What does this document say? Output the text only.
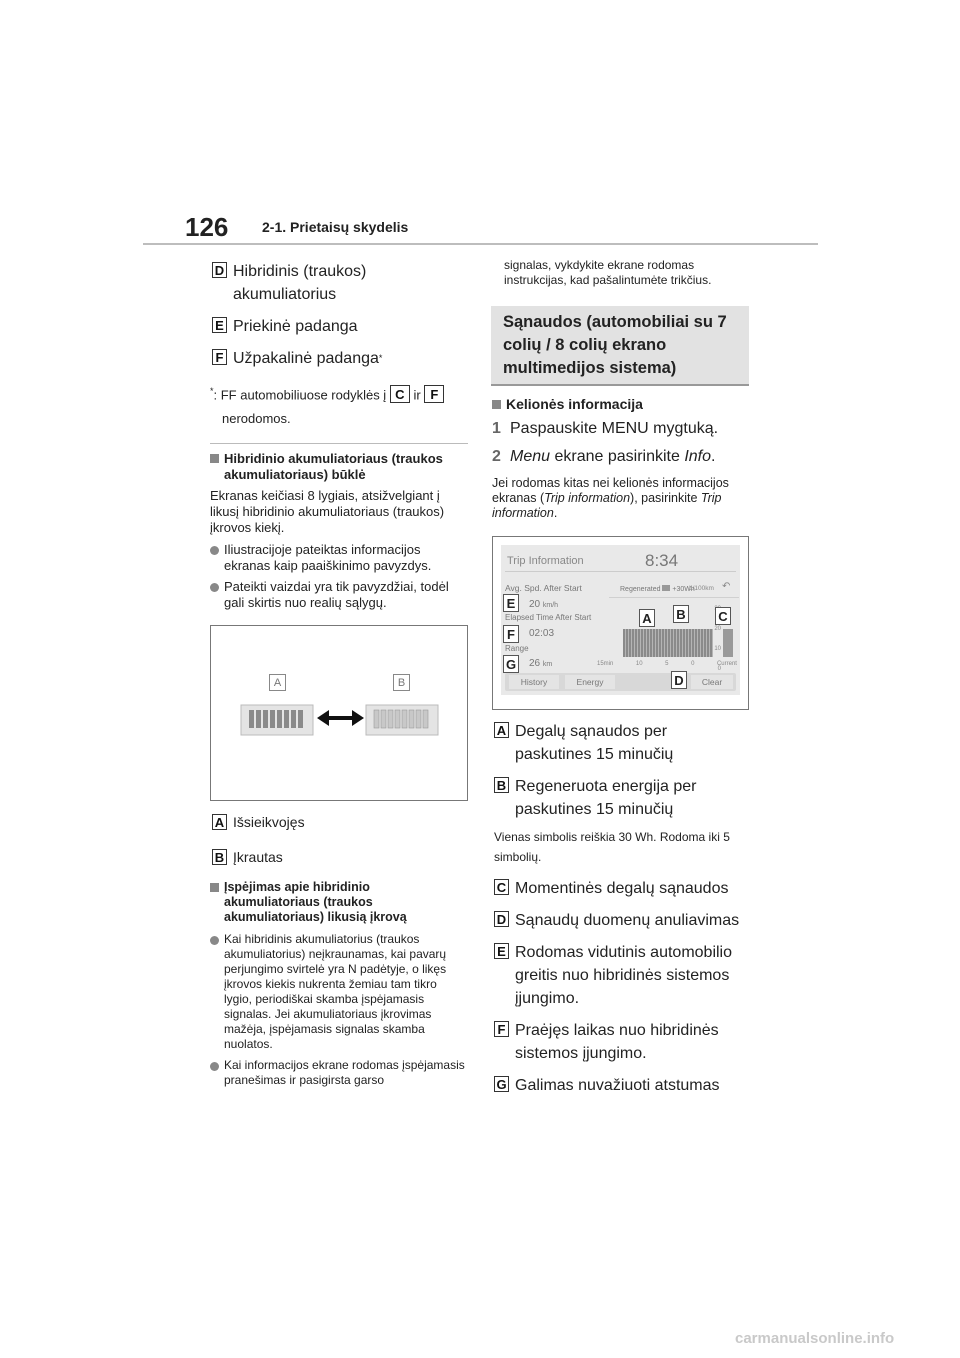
126 2-1. Prietaisų skydelis
D Hibridinis (traukos) akumuliatorius
E Priekinė padanga
F Užpakalinė padanga *
*: FF automobiliuose rodyklės į C ir F
nerodomos.
Hibridinio akumuliatoriaus (traukos akumuliatoriaus) būklė
Ekranas keičiasi 8 lygiais, atsižvelgiant į likusį hibridinio akumuliatoriaus (traukos) įkrovos kiekį.
Iliustracijoje pateiktas informacijos ekranas kaip paaiškinimo pavyzdys.
Pateikti vaizdai yra tik pavyzdžiai, todėl gali skirtis nuo realių sąlygų.
A	B
A Išsieikvojęs
B Įkrautas
Įspėjimas apie hibridinio akumuliatoriaus (traukos akumuliatoriaus) likusią įkrovą
Kai hibridinis akumuliatorius (traukos akumuliatorius) neįkraunamas, kai pavarų perjungimo svirtelė yra N padėtyje, o likęs įkrovos kiekis nukrenta žemiau tam tikro lygio, periodiškai skamba įspėjamasis signalas. Jei akumuliatoriaus įkrovimas mažėja, įspėjamasis signalas skamba nuolatos.
Kai informacijos ekrane rodomas įspėjamasis pranešimas ir pasigirsta garso
signalas, vykdykite ekrane rodomas instrukcijas, kad pašalintumėte trikčius.
Sąnaudos (automobiliai su 7 colių / 8 colių ekrano multimedijos sistema)
Kelionės informacija
1 Paspauskite MENU mygtuką.
2 Menu ekrane pasirinkite Info.
Jei rodomas kitas nei kelionės informacijos ekranas (Trip information), pasirinkite Trip information.
Trip Information	8:34
Avg. Spd. After Start
20 km/h
Elapsed Time After Start
02:03
Range
26 km
Regenerated +30Wh
L/100km ↶
20
10
0
15min	10	5	0	Current
History	Energy	Clear
E
F
G
A B	C
D
A Degalų sąnaudos per paskutines 15 minučių
B Regeneruota energija per paskutines 15 minučių
Vienas simbolis reiškia 30 Wh. Rodoma iki 5 simbolių.
C Momentinės degalų sąnaudos
D Sąnaudų duomenų anuliavimas
E Rodomas vidutinis automobilio greitis nuo hibridinės sistemos įjungimo.
F Praėjęs laikas nuo hibridinės sistemos įjungimo.
G Galimas nuvažiuoti atstumas
carmanualsonline.info
